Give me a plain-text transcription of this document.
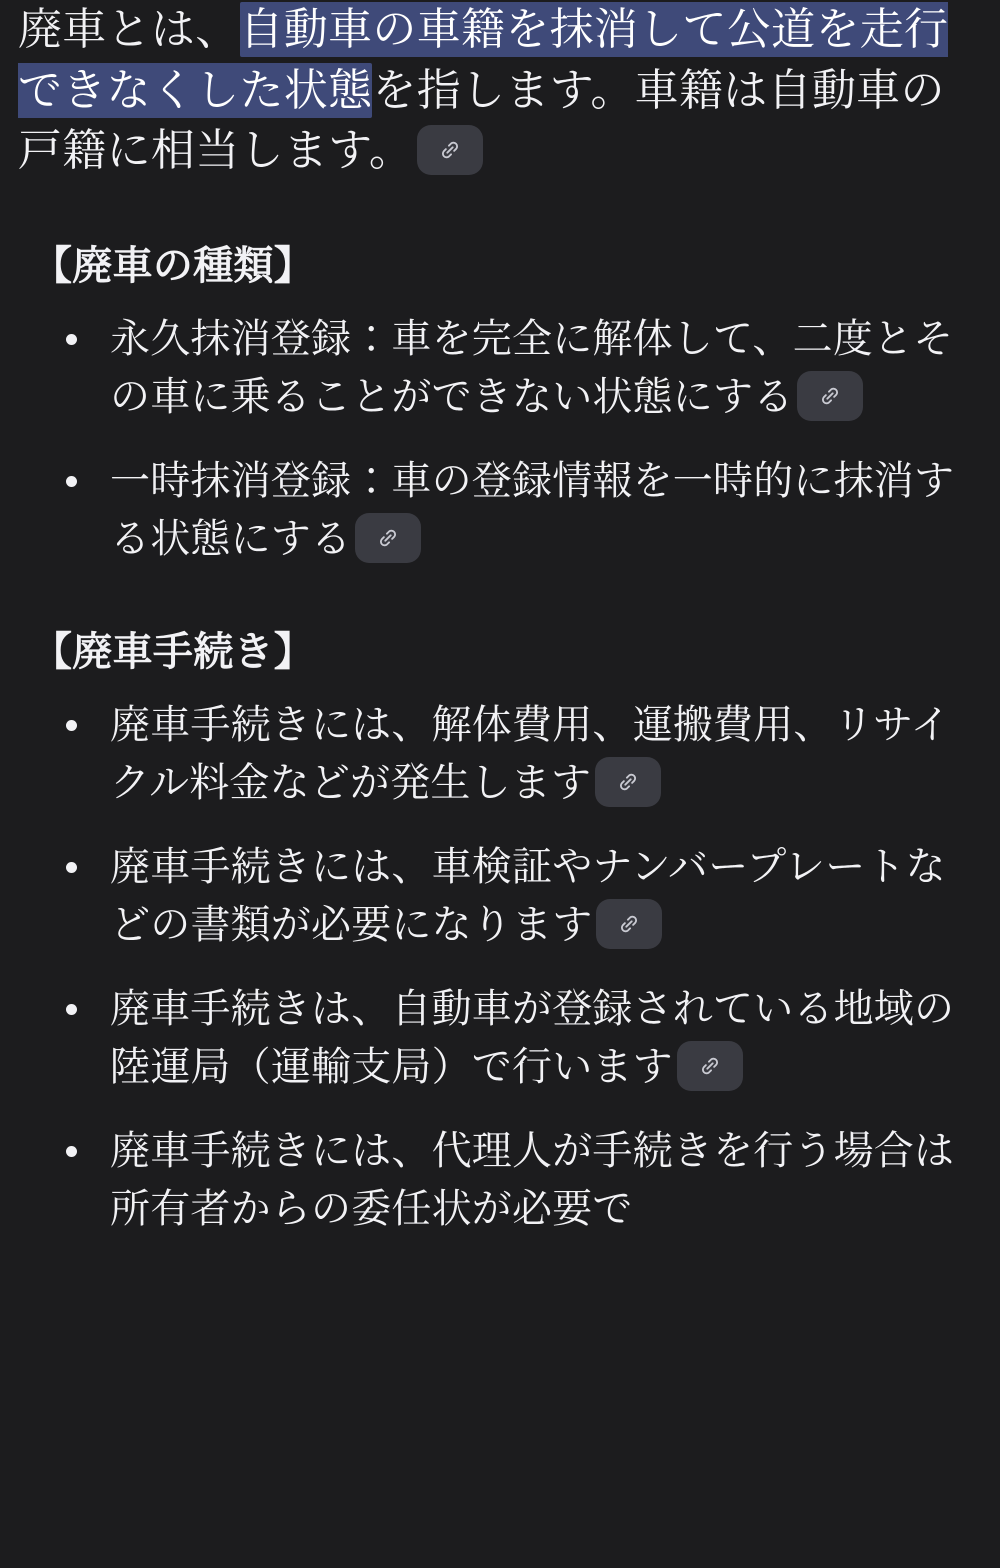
廃車とは、自動車の車籍を抹消して公道を走行できなくした状態を指します。車籍は自動車の戸籍に相当します。

【廃車の種類】
永久抹消登録：車を完全に解体して、二度とその車に乗ることができない状態にする
一時抹消登録：車の登録情報を一時的に抹消する状態にする
【廃車手続き】
廃車手続きには、解体費用、運搬費用、リサイクル料金などが発生します
廃車手続きには、車検証やナンバープレートなどの書類が必要になります
廃車手続きは、自動車が登録されている地域の陸運局（運輸支局）で行います
廃車手続きには、代理人が手続きを行う場合は所有者からの委任状が必要で
